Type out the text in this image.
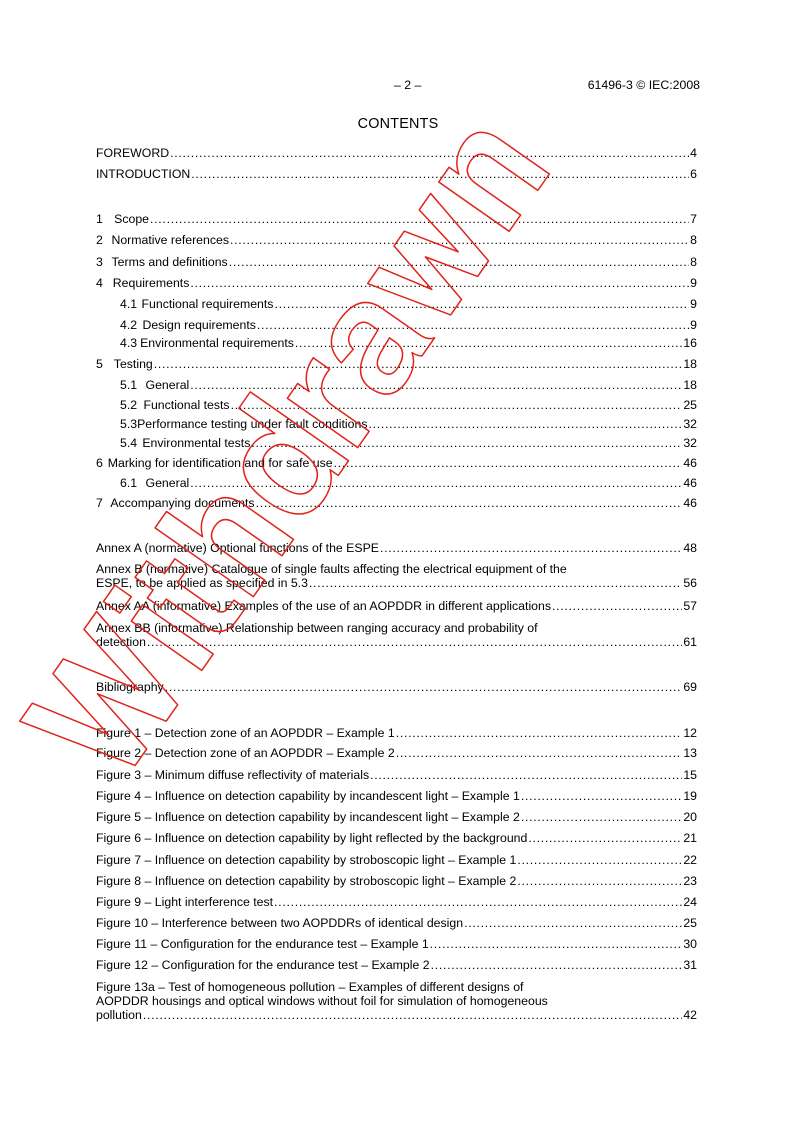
– 2 –	61496-3 © IEC:2008
CONTENTS
FOREWORD . . .	4
INTRODUCTION . . .	6
1 Scope . . .	7
2 Normative references . . .	8
3 Terms and definitions . . .	8
4 Requirements . . .	9
4.1 Functional requirements . . .	9
4.2 Design requirements . . .	9
4.3 Environmental requirements . . .	16
5 Testing . . .	18
5.1 General . . .	18
5.2 Functional tests . . .	25
5.3 Performance testing under fault conditions . . .	32
5.4 Environmental tests . . .	32
6 Marking for identification and for safe use . . .	46
6.1 General . . .	46
7 Accompanying documents . . .	46
Annex A (normative) Optional functions of the ESPE . . .	48
Annex B (normative) Catalogue of single faults affecting the electrical equipment of the
ESPE, to be applied as specified in 5.3 . . .	56
Annex AA (informative) Examples of the use of an AOPDDR in different applications . . .	57
Annex BB (informative) Relationship between ranging accuracy and probability of
detection . . .	61
Bibliography . . .	69
Figure 1 – Detection zone of an AOPDDR – Example 1 . . .	12
Figure 2 – Detection zone of an AOPDDR – Example 2 . . .	13
Figure 3 – Minimum diffuse reflectivity of materials . . .	15
Figure 4 – Influence on detection capability by incandescent light – Example 1 . . .	19
Figure 5 – Influence on detection capability by incandescent light – Example 2 . . .	20
Figure 6 – Influence on detection capability by light reflected by the background . . .	21
Figure 7 – Influence on detection capability by stroboscopic light – Example 1 . . .	22
Figure 8 – Influence on detection capability by stroboscopic light – Example 2 . . .	23
Figure 9 – Light interference test . . .	24
Figure 10 – Interference between two AOPDDRs of identical design . . .	25
Figure 11 – Configuration for the endurance test – Example 1 . . .	30
Figure 12 – Configuration for the endurance test – Example 2 . . .	31
Figure 13a – Test of homogeneous pollution – Examples of different designs of
AOPDDR housings and optical windows without foil for simulation of homogeneous
pollution . . .	42
